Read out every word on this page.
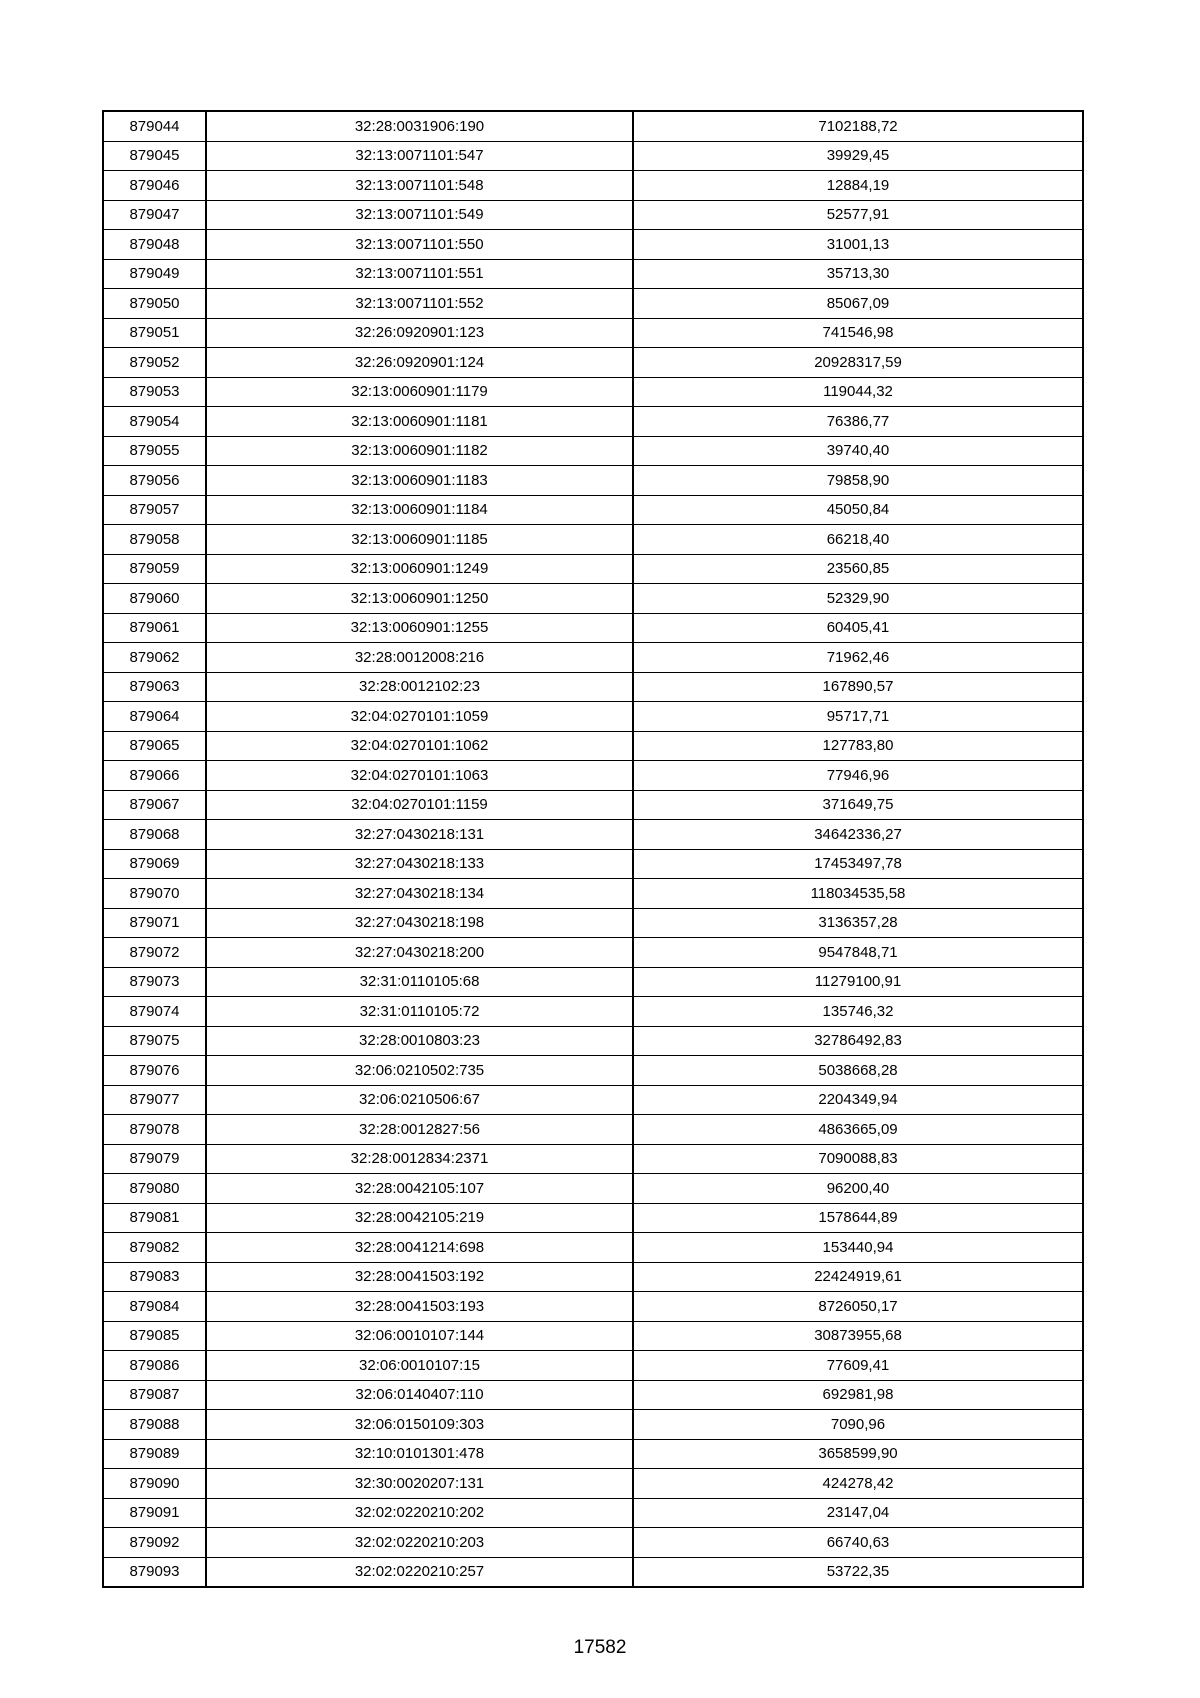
879044	32:28:0031906:190	7102188,72
879045	32:13:0071101:547	39929,45
879046	32:13:0071101:548	12884,19
879047	32:13:0071101:549	52577,91
879048	32:13:0071101:550	31001,13
879049	32:13:0071101:551	35713,30
879050	32:13:0071101:552	85067,09
879051	32:26:0920901:123	741546,98
879052	32:26:0920901:124	20928317,59
879053	32:13:0060901:1179	119044,32
879054	32:13:0060901:1181	76386,77
879055	32:13:0060901:1182	39740,40
879056	32:13:0060901:1183	79858,90
879057	32:13:0060901:1184	45050,84
879058	32:13:0060901:1185	66218,40
879059	32:13:0060901:1249	23560,85
879060	32:13:0060901:1250	52329,90
879061	32:13:0060901:1255	60405,41
879062	32:28:0012008:216	71962,46
879063	32:28:0012102:23	167890,57
879064	32:04:0270101:1059	95717,71
879065	32:04:0270101:1062	127783,80
879066	32:04:0270101:1063	77946,96
879067	32:04:0270101:1159	371649,75
879068	32:27:0430218:131	34642336,27
879069	32:27:0430218:133	17453497,78
879070	32:27:0430218:134	118034535,58
879071	32:27:0430218:198	3136357,28
879072	32:27:0430218:200	9547848,71
879073	32:31:0110105:68	11279100,91
879074	32:31:0110105:72	135746,32
879075	32:28:0010803:23	32786492,83
879076	32:06:0210502:735	5038668,28
879077	32:06:0210506:67	2204349,94
879078	32:28:0012827:56	4863665,09
879079	32:28:0012834:2371	7090088,83
879080	32:28:0042105:107	96200,40
879081	32:28:0042105:219	1578644,89
879082	32:28:0041214:698	153440,94
879083	32:28:0041503:192	22424919,61
879084	32:28:0041503:193	8726050,17
879085	32:06:0010107:144	30873955,68
879086	32:06:0010107:15	77609,41
879087	32:06:0140407:110	692981,98
879088	32:06:0150109:303	7090,96
879089	32:10:0101301:478	3658599,90
879090	32:30:0020207:131	424278,42
879091	32:02:0220210:202	23147,04
879092	32:02:0220210:203	66740,63
879093	32:02:0220210:257	53722,35
17582
